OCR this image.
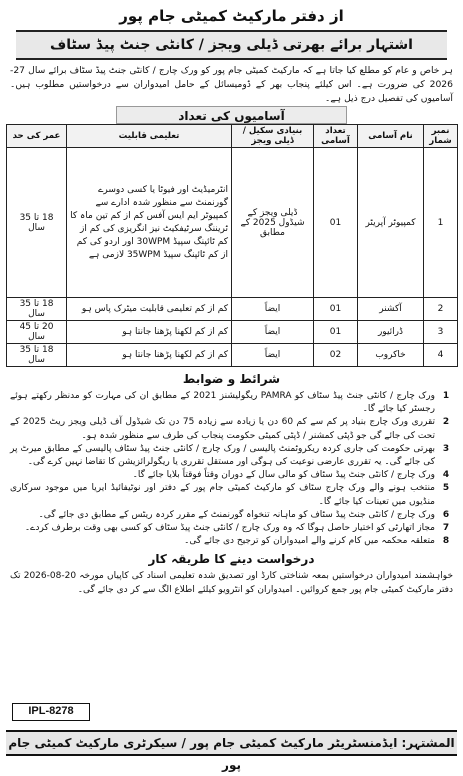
از دفتر مارکیٹ کمیٹی جام پور
اشتہار برائے بھرتی ڈیلی ویجز / کانٹی جنٹ پیڈ سٹاف
ہر خاص و عام کو مطلع کیا جاتا ہے کہ مارکیٹ کمیٹی جام پور کو ورک چارج / کانٹی جنٹ پیڈ سٹاف برائے سال 27-2026 کی ضرورت ہے۔ اس کیلئے پنجاب بھر کے ڈومیسائل کے حامل امیدواران سے درخواستیں مطلوب ہیں۔ آسامیوں کی تفصیل درج ذیل ہے۔
آسامیوں کی تعداد
نمبر شمار	نام آسامی	تعداد آسامی	بنیادی سکیل / ڈیلی ویجز	تعلیمی قابلیت	عمر کی حد
1	کمپیوٹر آپریٹر	01	ڈیلی ویجز کے شیڈول 2025 کے مطابق	انٹرمیڈیٹ اور فیوٹا یا کسی دوسرے گورنمنٹ سے منظور شدہ ادارے سے کمپیوٹر ایم ایس آفس کم از کم تین ماہ کا ٹریننگ سرٹیفکیٹ نیز انگریزی کی کم از کم ٹائپنگ سپیڈ 30WPM اور اردو کی کم از کم ٹائپنگ سپیڈ 35WPM لازمی ہے	18 تا 35 سال
2	آکشنر	01	ایضاً	کم از کم تعلیمی قابلیت میٹرک پاس ہو	18 تا 35 سال
3	ڈرائیور	01	ایضاً	کم از کم لکھنا پڑھنا جانتا ہو	20 تا 45 سال
4	خاکروب	02	ایضاً	کم از کم لکھنا پڑھنا جانتا ہو	18 تا 35 سال
شرائط و ضوابط
1
ورک چارج / کانٹی جنٹ پیڈ سٹاف کو PAMRA ریگولیشنز 2021 کے مطابق ان کی مہارت کو مدنظر رکھتے ہوئے رجسٹر کیا جائے گا۔
2
تقرری ورک چارج بنیاد پر کم سے کم 60 دن یا زیادہ سے زیادہ 75 دن تک شیڈول آف ڈیلی ویجز ریٹ 2025 کے تحت کی جائے گی جو ڈپٹی کمشنر / ڈپٹی کمیٹی حکومت پنجاب کی طرف سے منظور شدہ ہو۔
3
بھرتی حکومت کی جاری کردہ ریکروٹمنٹ پالیسی / ورک چارج / کانٹی جنٹ پیڈ سٹاف پالیسی کے مطابق میرٹ پر کی جائے گی۔ یہ تقرری عارضی نوعیت کی ہوگی اور مستقل تقرری یا ریگولرائزیشن کا تقاضا نہیں کرے گی۔
4
ورک چارج / کانٹی جنٹ پیڈ سٹاف کو مالی سال کے دوران وقتاً فوقتاً بلایا جائے گا۔
5
منتخب ہونے والے ورک چارج سٹاف کو مارکیٹ کمیٹی جام پور کے دفتر اور نوٹیفائیڈ ایریا میں موجود سرکاری منڈیوں میں تعینات کیا جائے گا۔
6
ورک چارج / کانٹی جنٹ پیڈ سٹاف کو ماہانہ تنخواہ گورنمنٹ کے مقرر کردہ ریٹس کے مطابق دی جائے گی۔
7
مجاز اتھارٹی کو اختیار حاصل ہوگا کہ وہ ورک چارج / کانٹی جنٹ پیڈ سٹاف کو کسی بھی وقت برطرف کردے۔
8
متعلقہ محکمہ میں کام کرنے والے امیدواران کو ترجیح دی جائے گی۔
درخواست دینے کا طریقہ کار
خواہشمند امیدواران درخواستیں بمعہ شناختی کارڈ اور تصدیق شدہ تعلیمی اسناد کی کاپیاں مورخہ 20-08-2026 تک دفتر مارکیٹ کمیٹی جام پور جمع کروائیں۔ امیدواران کو انٹرویو کیلئے اطلاع الگ سے کر دی جائے گی۔
IPL-8278
المشتہر: ایڈمنسٹریٹر مارکیٹ کمیٹی جام پور / سیکرٹری مارکیٹ کمیٹی جام پور
